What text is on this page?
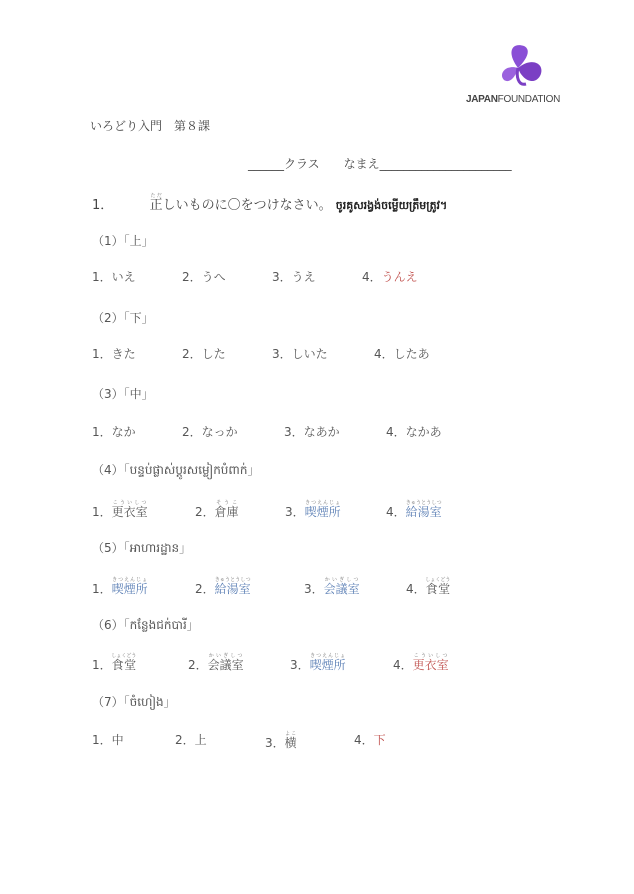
JAPANFOUNDATION
いろどり入門　第８課
______クラス　　なまえ______________________
1．	正ただしいものに〇をつけなさい。 ចូរគូសរង្វង់ចម្លើយត្រឹមត្រូវ។
（1）「上」
1．いえ	2．うへ	3．うえ	4．うんえ
（2）「下」
1．きた	2．した	3．しいた	4．したあ
（3）「中」
1．なか	2．なっか	3．なあか	4．なかあ
（4）「បន្ទប់ផ្លាស់ប្ដូរសម្លៀកបំពាក់」
1．更衣室こういしつ
2．倉庫そうこ
3．喫煙所きつえんじょ
4．給湯室きゅうとうしつ
（5）「អាហារដ្ឋាន」
1．喫煙所きつえんじょ
2．給湯室きゅうとうしつ
3．会議室かいぎしつ
4．食堂しょくどう
（6）「កន្លែងជក់បារី」
1．食堂しょくどう
2．会議室かいぎしつ
3．喫煙所きつえんじょ
4．更衣室こういしつ
（7）「ចំហៀង」
1．中	2．上	3．横よこ	4．下
